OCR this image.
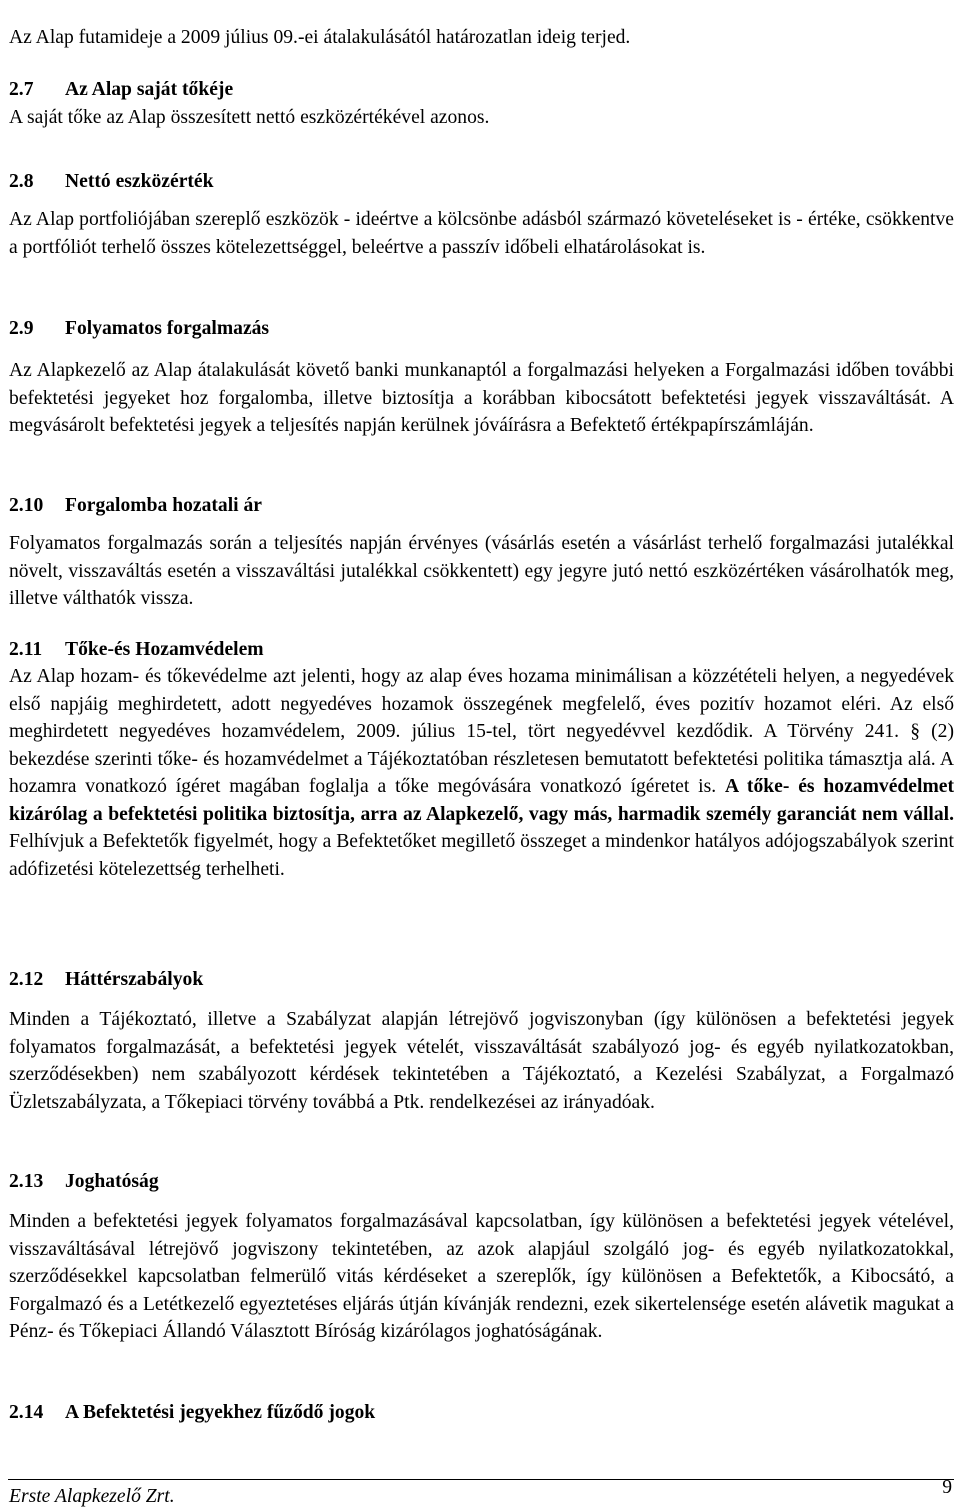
Az Alap futamideje a 2009 július 09.-ei átalakulásától határozatlan ideig terjed.

2.7 Az Alap saját tőkéje

A saját tőke az Alap összesített nettó eszközértékével azonos.

2.8 Nettó eszközérték

Az Alap portfoliójában szereplő eszközök - ideértve a kölcsönbe adásból származó követeléseket is - értéke, csökkentve a portfóliót terhelő összes kötelezettséggel, beleértve a passzív időbeli elhatárolásokat is.

2.9 Folyamatos forgalmazás

Az Alapkezelő az Alap átalakulását követő banki munkanaptól a forgalmazási helyeken a Forgalmazási időben további befektetési jegyeket hoz forgalomba, illetve biztosítja a korábban kibocsátott befektetési jegyek visszaváltását. A megvásárolt befektetési jegyek a teljesítés napján kerülnek jóváírásra a Befektető értékpapírszámláján.

2.10 Forgalomba hozatali ár

Folyamatos forgalmazás során a teljesítés napján érvényes (vásárlás esetén a vásárlást terhelő forgalmazási jutalékkal növelt, visszaváltás esetén a visszaváltási jutalékkal csökkentett) egy jegyre jutó nettó eszközértéken vásárolhatók meg, illetve válthatók vissza.

2.11 Tőke-és Hozamvédelem

Az Alap hozam- és tőkevédelme azt jelenti, hogy az alap éves hozama minimálisan a közzétételi helyen, a negyedévek első napjáig meghirdetett, adott negyedéves hozamok összegének megfelelő, éves pozitív hozamot eléri. Az első meghirdetett negyedéves hozamvédelem, 2009. július 15-tel, tört negyedévvel kezdődik. A Törvény 241. § (2) bekezdése szerinti tőke- és hozamvédelmet a Tájékoztatóban részletesen bemutatott befektetési politika támasztja alá. A hozamra vonatkozó ígéret magában foglalja a tőke megóvására vonatkozó ígéretet is. A tőke- és hozamvédelmet kizárólag a befektetési politika biztosítja, arra az Alapkezelő, vagy más, harmadik személy garanciát nem vállal. Felhívjuk a Befektetők figyelmét, hogy a Befektetőket megillető összeget a mindenkor hatályos adójogszabályok szerint adófizetési kötelezettség terhelheti.

2.12 Háttérszabályok

Minden a Tájékoztató, illetve a Szabályzat alapján létrejövő jogviszonyban (így különösen a befektetési jegyek folyamatos forgalmazását, a befektetési jegyek vételét, visszaváltását szabályozó jog- és egyéb nyilatkozatokban, szerződésekben) nem szabályozott kérdések tekintetében a Tájékoztató, a Kezelési Szabályzat, a Forgalmazó Üzletszabályzata, a Tőkepiaci törvény továbbá a Ptk. rendelkezései az irányadóak.

2.13 Joghatóság

Minden a befektetési jegyek folyamatos forgalmazásával kapcsolatban, így különösen a befektetési jegyek vételével, visszaváltásával létrejövő jogviszony tekintetében, az azok alapjául szolgáló jog- és egyéb nyilatkozatokkal, szerződésekkel kapcsolatban felmerülő vitás kérdéseket a szereplők, így különösen a Befektetők, a Kibocsátó, a Forgalmazó és a Letétkezelő egyeztetéses eljárás útján kívánják rendezni, ezek sikertelensége esetén alávetik magukat a Pénz- és Tőkepiaci Állandó Választott Bíróság kizárólagos joghatóságának.

2.14 A Befektetési jegyekhez fűződő jogok
Erste Alapkezelő Zrt.	9
